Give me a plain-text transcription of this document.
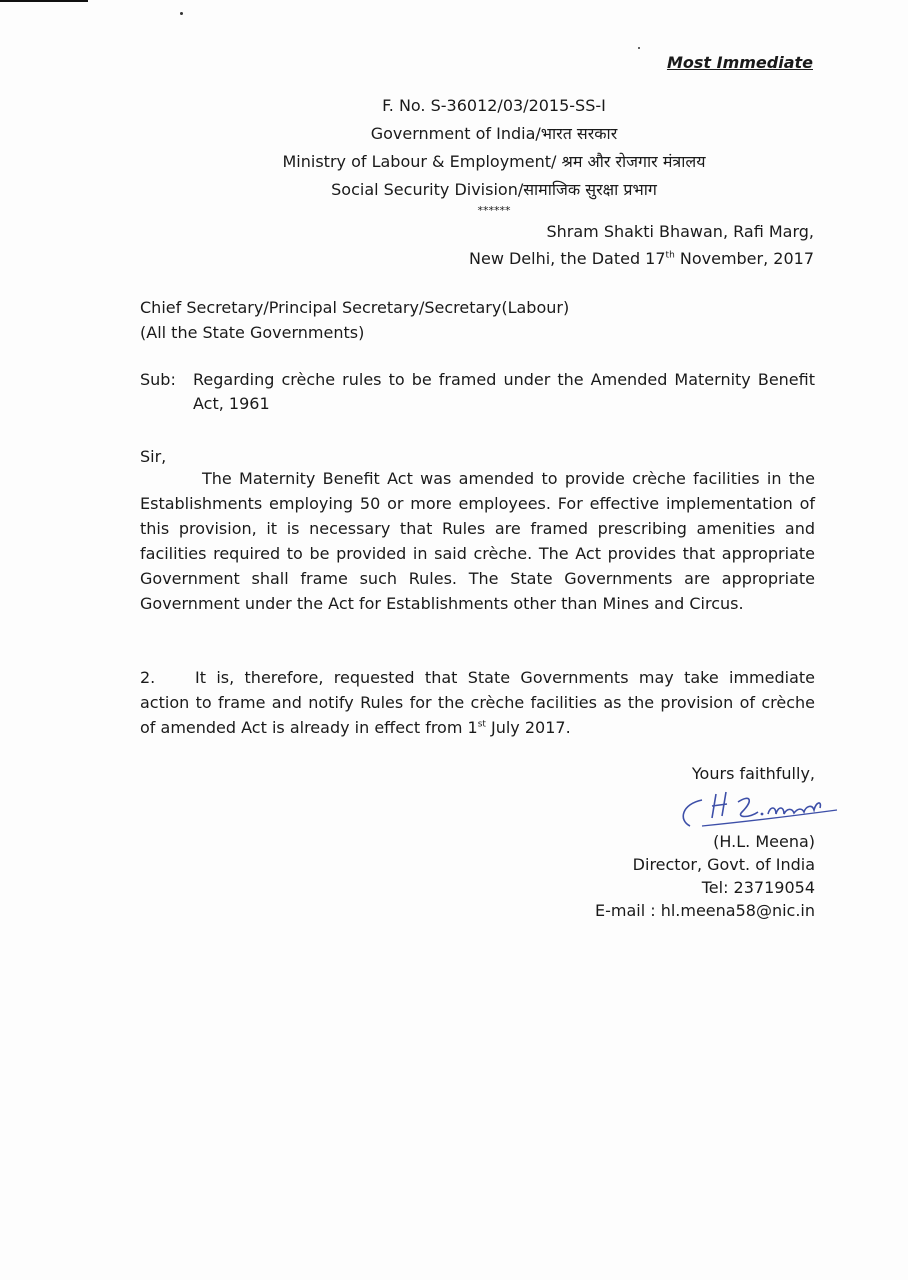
Most Immediate
F. No. S-36012/03/2015-SS-I
Government of India/भारत सरकार
Ministry of Labour & Employment/ श्रम और रोजगार मंत्रालय
Social Security Division/सामाजिक सुरक्षा प्रभाग
******
Shram Shakti Bhawan, Rafi Marg,
New Delhi, the Dated 17th November, 2017
Chief Secretary/Principal Secretary/Secretary(Labour)
(All the State Governments)
Sub: Regarding crèche rules to be framed under the Amended Maternity Benefit Act, 1961
Sir,
The Maternity Benefit Act was amended to provide crèche facilities in the Establishments employing 50 or more employees. For effective implementation of this provision, it is necessary that Rules are framed prescribing amenities and facilities required to be provided in said crèche. The Act provides that appropriate Government shall frame such Rules. The State Governments are appropriate Government under the Act for Establishments other than Mines and Circus.
2. It is, therefore, requested that State Governments may take immediate action to frame and notify Rules for the crèche facilities as the provision of crèche of amended Act is already in effect from 1st July 2017.
Yours faithfully,
(H.L. Meena)
Director, Govt. of India
Tel: 23719054
E-mail : hl.meena58@nic.in
